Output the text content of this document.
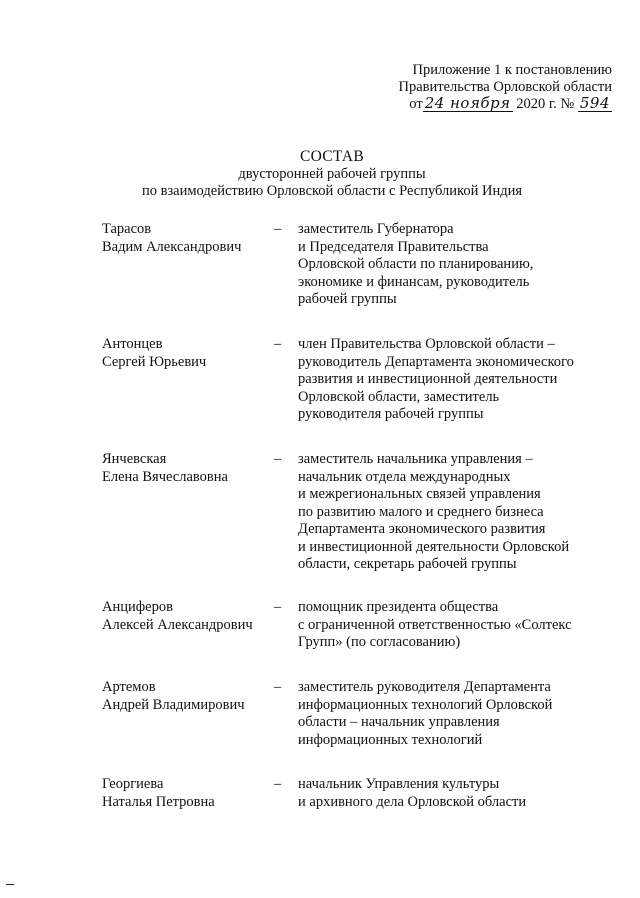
Приложение 1 к постановлению
Правительства Орловской области
от 24 ноября 2020 г. № 594
СОСТАВ
двусторонней рабочей группы
по взаимодействию Орловской области с Республикой Индия
Тарасов
Вадим Александрович
– заместитель Губернатора
и Председателя Правительства
Орловской области по планированию,
экономике и финансам, руководитель
рабочей группы
Антонцев
Сергей Юрьевич
– член Правительства Орловской области –
руководитель Департамента экономического
развития и инвестиционной деятельности
Орловской области, заместитель
руководителя рабочей группы
Янчевская
Елена Вячеславовна
– заместитель начальника управления –
начальник отдела международных
и межрегиональных связей управления
по развитию малого и среднего бизнеса
Департамента экономического развития
и инвестиционной деятельности Орловской
области, секретарь рабочей группы
Анциферов
Алексей Александрович
– помощник президента общества
с ограниченной ответственностью «Солтекс
Групп» (по согласованию)
Артемов
Андрей Владимирович
– заместитель руководителя Департамента
информационных технологий Орловской
области – начальник управления
информационных технологий
Георгиева
Наталья Петровна
– начальник Управления культуры
и архивного дела Орловской области
